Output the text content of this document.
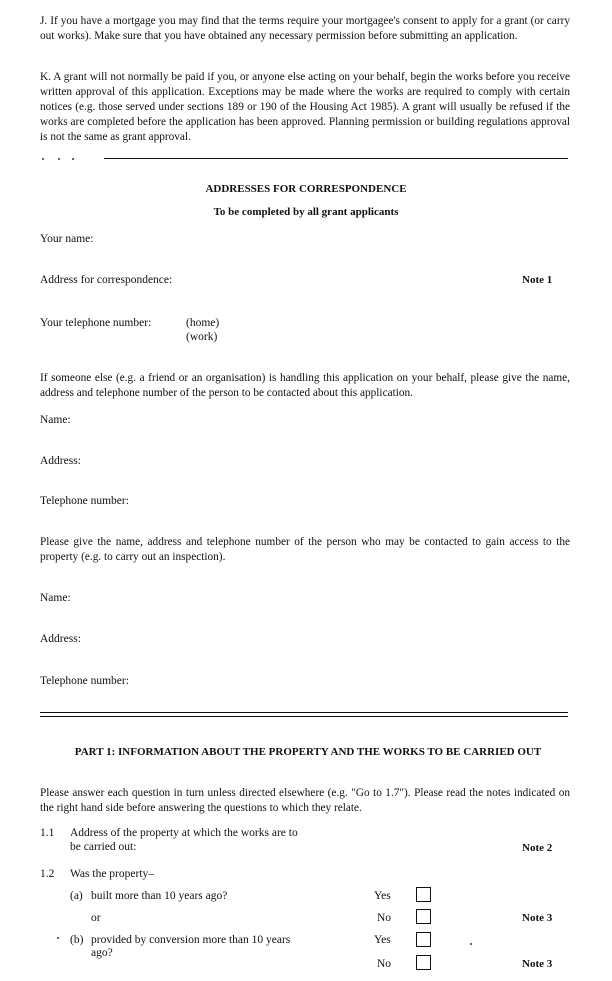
J. If you have a mortgage you may find that the terms require your mortgagee's consent to apply for a grant (or carry out works). Make sure that you have obtained any necessary permission before submitting an application.
K. A grant will not normally be paid if you, or anyone else acting on your behalf, begin the works before you receive written approval of this application. Exceptions may be made where the works are required to comply with certain notices (e.g. those served under sections 189 or 190 of the Housing Act 1985). A grant will usually be refused if the works are completed before the application has been approved. Planning permission or building regulations approval is not the same as grant approval.
ADDRESSES FOR CORRESPONDENCE
To be completed by all grant applicants
Your name:
Address for correspondence:	Note 1
Your telephone number:	(home)
(work)
If someone else (e.g. a friend or an organisation) is handling this application on your behalf, please give the name, address and telephone number of the person to be contacted about this application.
Name:
Address:
Telephone number:
Please give the name, address and telephone number of the person who may be contacted to gain access to the property (e.g. to carry out an inspection).
Name:
Address:
Telephone number:
PART 1: INFORMATION ABOUT THE PROPERTY AND THE WORKS TO BE CARRIED OUT
Please answer each question in turn unless directed elsewhere (e.g. "Go to 1.7"). Please read the notes indicated on the right hand side before answering the questions to which they relate.
1.1 Address of the property at which the works are to
be carried out:	Note 2
1.2 Was the property–
(a) built more than 10 years ago?	Yes
or	No	Note 3
(b) provided by conversion more than 10 years
ago?
Yes
No	Note 3
